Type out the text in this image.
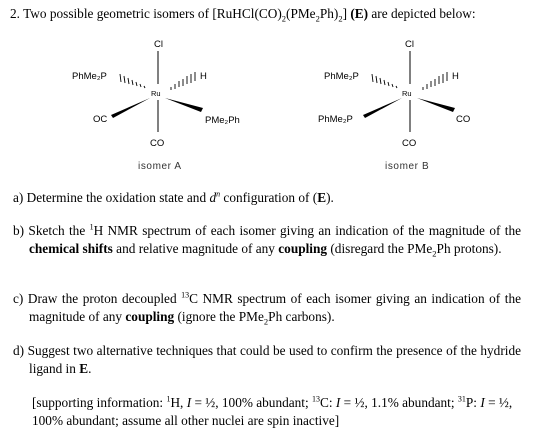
2. Two possible geometric isomers of $[RuHCl(CO)_2(PMe_2Ph)_2]$ (E) are depicted below:
Cl
Ru
CO
PhMe₂P	H
OC	PMe₂Ph
isomer A
Cl
Ru
CO
PhMe₂P	H
PhMe₂P	CO
isomer B
a) Determine the oxidation state and $d^n$ configuration of (E).
b) Sketch the $^1$H NMR spectrum of each isomer giving an indication of the magnitude of the chemical shifts and relative magnitude of any coupling (disregard the PMe$_2$Ph protons).
c) Draw the proton decoupled $^{13}$C NMR spectrum of each isomer giving an indication of the magnitude of any coupling (ignore the PMe$_2$Ph carbons).
d) Suggest two alternative techniques that could be used to confirm the presence of the hydride ligand in E.
[supporting information: $^1$H, I = ½, 100% abundant; $^{13}$C: I = ½, 1.1% abundant; $^{31}$P: I = ½, 100% abundant; assume all other nuclei are spin inactive]
